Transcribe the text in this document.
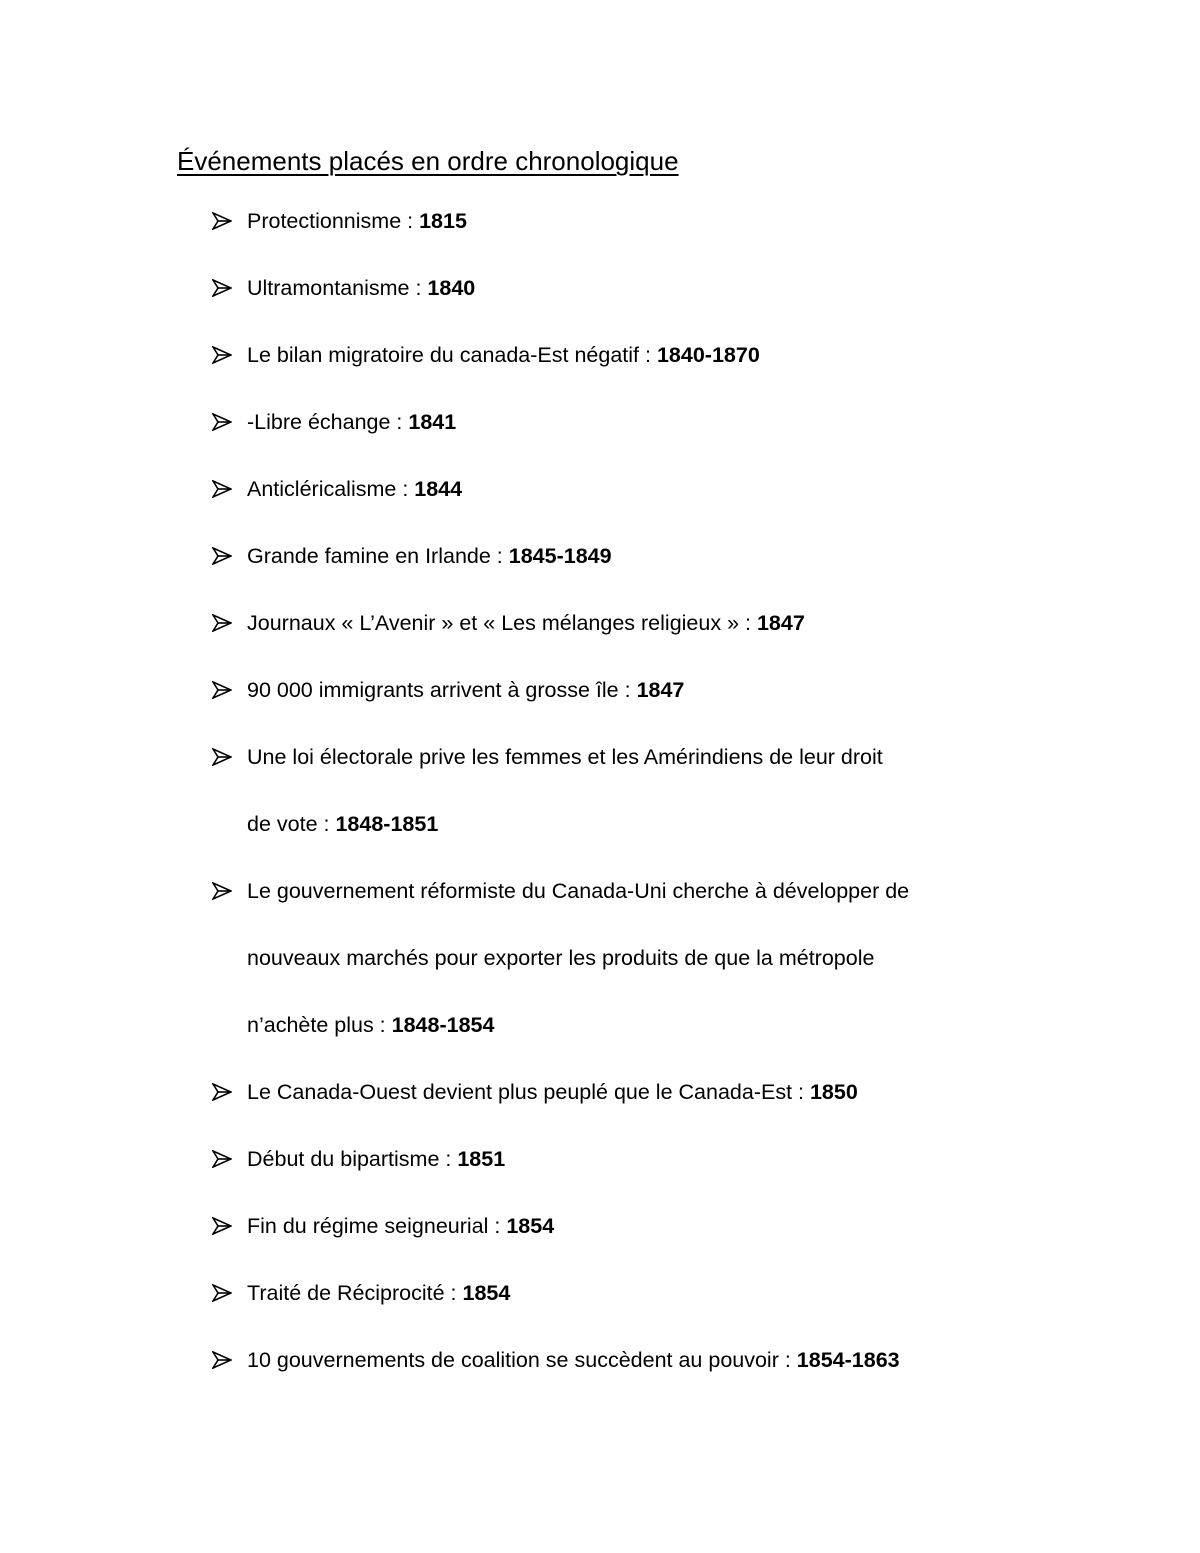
Événements placés en ordre chronologique
Protectionnisme : 1815
Ultramontanisme : 1840
Le bilan migratoire du canada-Est négatif : 1840-1870
-Libre échange : 1841
Anticléricalisme : 1844
Grande famine en Irlande : 1845-1849
Journaux « L’Avenir » et « Les mélanges religieux » : 1847
90 000 immigrants arrivent à grosse île : 1847
Une loi électorale prive les femmes et les Amérindiens de leur droit
de vote : 1848-1851
Le gouvernement réformiste du Canada-Uni cherche à développer de
nouveaux marchés pour exporter les produits de que la métropole
n’achète plus : 1848-1854
Le Canada-Ouest devient plus peuplé que le Canada-Est : 1850
Début du bipartisme : 1851
Fin du régime seigneurial : 1854
Traité de Réciprocité : 1854
10 gouvernements de coalition se succèdent au pouvoir : 1854-1863
